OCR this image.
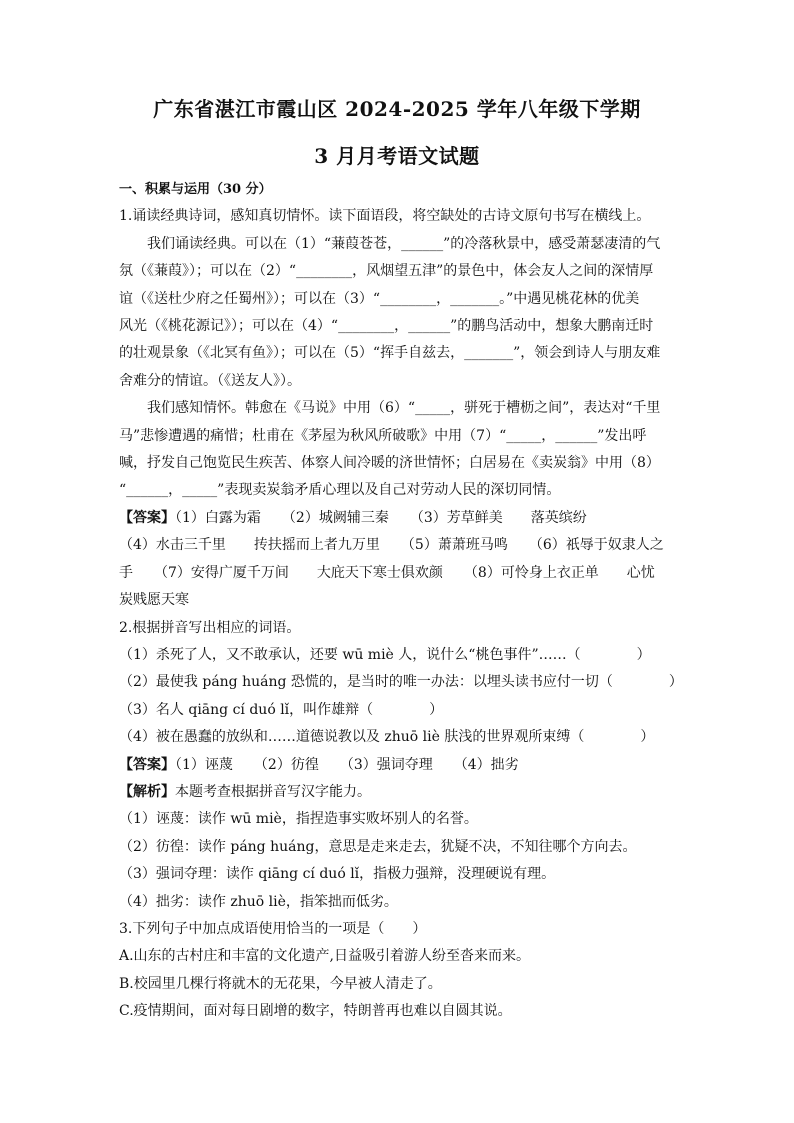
广东省湛江市霞山区 2024-2025 学年八年级下学期
3 月月考语文试题
一、积累与运用（30 分）
1.诵读经典诗词，感知真切情怀。读下面语段，将空缺处的古诗文原句书写在横线上。
我们诵读经典。可以在（1）“蒹葭苍苍，______”的冷落秋景中，感受萧瑟凄清的气
氛（《蒹葭》）；可以在（2）“________，风烟望五津”的景色中，体会友人之间的深情厚
谊（《送杜少府之任蜀州》）；可以在（3）“________，_______。”中遇见桃花林的优美
风光（《桃花源记》）；可以在（4）“________，______”的鹏鸟活动中，想象大鹏南迁时
的壮观景象（《北冥有鱼》）；可以在（5）“挥手自兹去，_______”，领会到诗人与朋友难
舍难分的情谊。（《送友人》）。
我们感知情怀。韩愈在《马说》中用（6）“_____，骈死于槽枥之间”，表达对“千里
马”悲惨遭遇的痛惜；杜甫在《茅屋为秋风所破歌》中用（7）“_____，______”发出呼
喊，抒发自己饱览民生疾苦、体察人间冷暖的济世情怀；白居易在《卖炭翁》中用（8）
“______，_____”表现卖炭翁矛盾心理以及自己对劳动人民的深切同情。
【答案】（1）白露为霜　　（2）城阙辅三秦　　（3）芳草鲜美　　落英缤纷
（4）水击三千里　　抟扶摇而上者九万里　　（5）萧萧班马鸣　　（6）祇辱于奴隶人之
手　　（7）安得广厦千万间　　大庇天下寒士俱欢颜　　（8）可怜身上衣正单　　心忧
炭贱愿天寒
2.根据拼音写出相应的词语。
（1）杀死了人，又不敢承认，还要 wū miè 人，说什么“桃色事件”……（　　　　）
（2）最使我 páng huáng 恐慌的，是当时的唯一办法：以埋头读书应付一切（　　　　）
（3）名人 qiāng cí duó lǐ，叫作雄辩（　　　　）
（4）被在愚蠢的放纵和……道德说教以及 zhuō liè 肤浅的世界观所束缚（　　　　）
【答案】（1）诬蔑　　（2）彷徨　　（3）强词夺理　　（4）拙劣
【解析】本题考查根据拼音写汉字能力。
（1）诬蔑：读作 wū miè，指捏造事实败坏别人的名誉。
（2）彷徨：读作 páng huáng，意思是走来走去，犹疑不决，不知往哪个方向去。
（3）强词夺理：读作 qiāng cí duó lǐ，指极力强辩，没理硬说有理。
（4）拙劣：读作 zhuō liè，指笨拙而低劣。
3.下列句子中加点成语使用恰当的一项是（　　）
A.山东的古村庄和丰富的文化遗产,日益吸引着游人纷至沓来而来。
B.校园里几棵行将就木的无花果，今早被人清走了。
C.疫情期间，面对每日剧增的数字，特朗普再也难以自圆其说。
